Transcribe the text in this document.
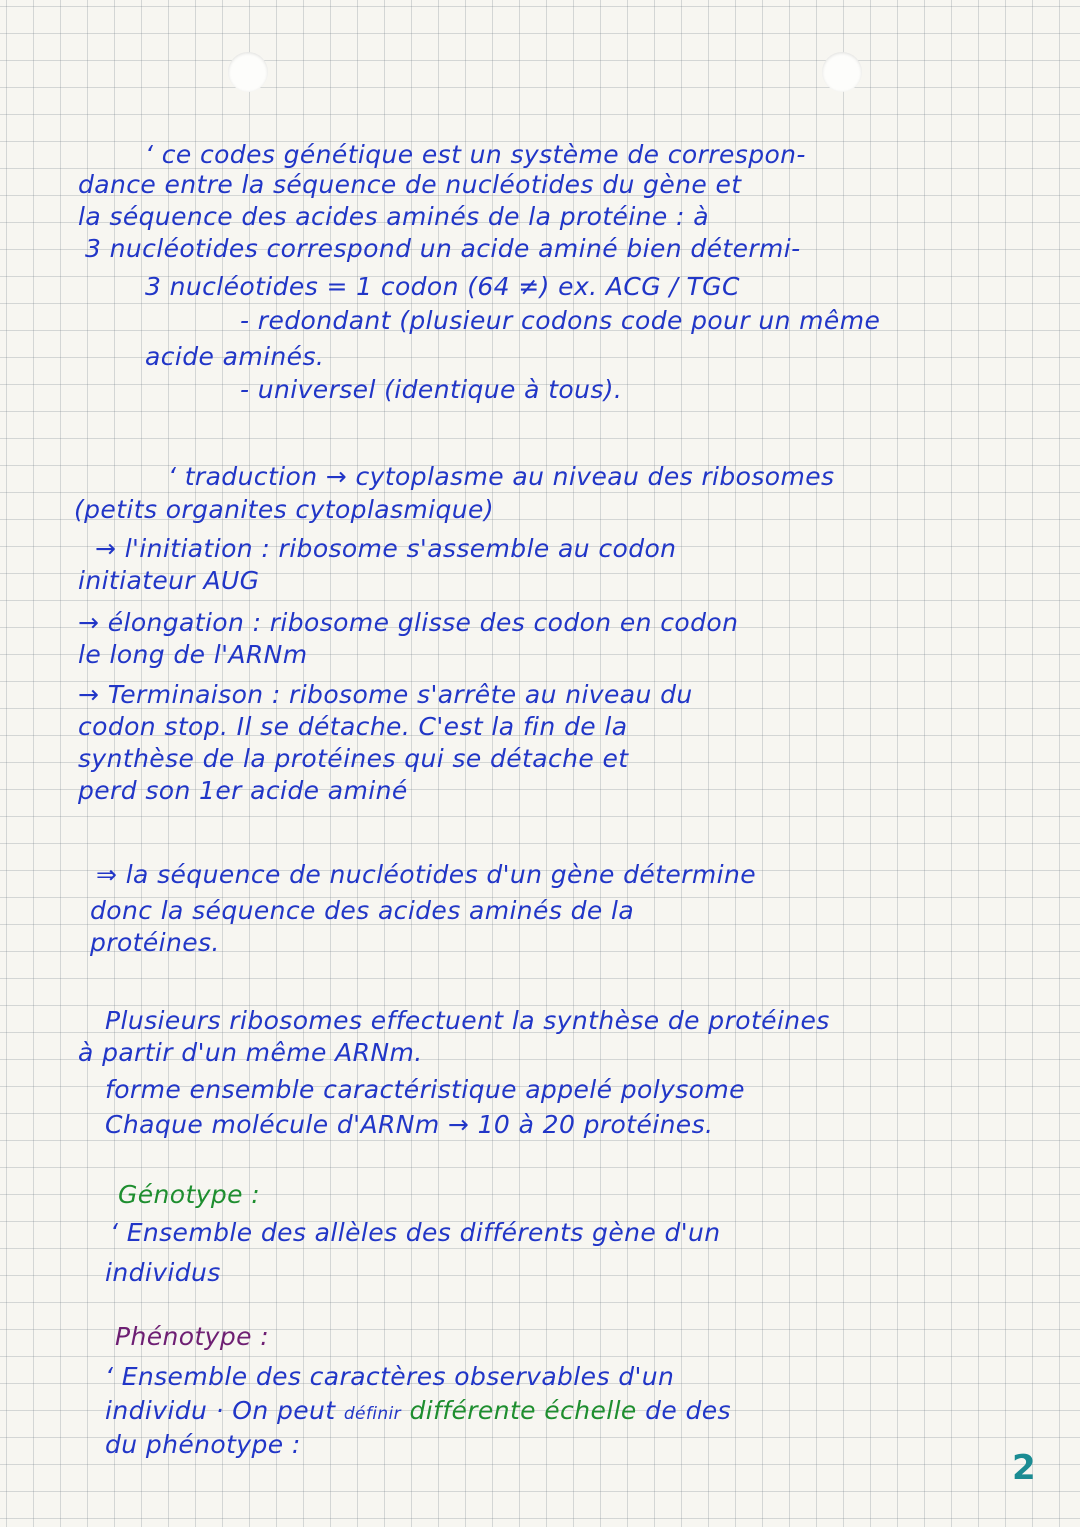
‘ ce codes génétique est un système de correspon-

dance entre la séquence de nucléotides du gène et

la séquence des acides aminés de la protéine : à

3 nucléotides correspond un acide aminé bien détermi-

3 nucléotides = 1 codon (64 ≠) ex. ACG / TGC

- redondant (plusieur codons code pour un même

acide aminés.

- universel (identique à tous).

‘ traduction → cytoplasme au niveau des ribosomes

(petits organites cytoplasmique)

→ l'initiation : ribosome s'assemble au codon

initiateur AUG

→ élongation : ribosome glisse des codon en codon

le long de l'ARNm

→ Terminaison : ribosome s'arrête au niveau du

codon stop. Il se détache. C'est la fin de la

synthèse de la protéines qui se détache et

perd son 1er acide aminé

⇒ la séquence de nucléotides d'un gène détermine

donc la séquence des acides aminés de la

protéines.

Plusieurs ribosomes effectuent la synthèse de protéines

à partir d'un même ARNm.

forme ensemble caractéristique appelé polysome

Chaque molécule d'ARNm → 10 à 20 protéines.

Génotype :

‘ Ensemble des allèles des différents gène d'un

individus

Phénotype :

‘ Ensemble des caractères observables d'un

individu · On peut définir différente échelle de des

du phénotype :

2
